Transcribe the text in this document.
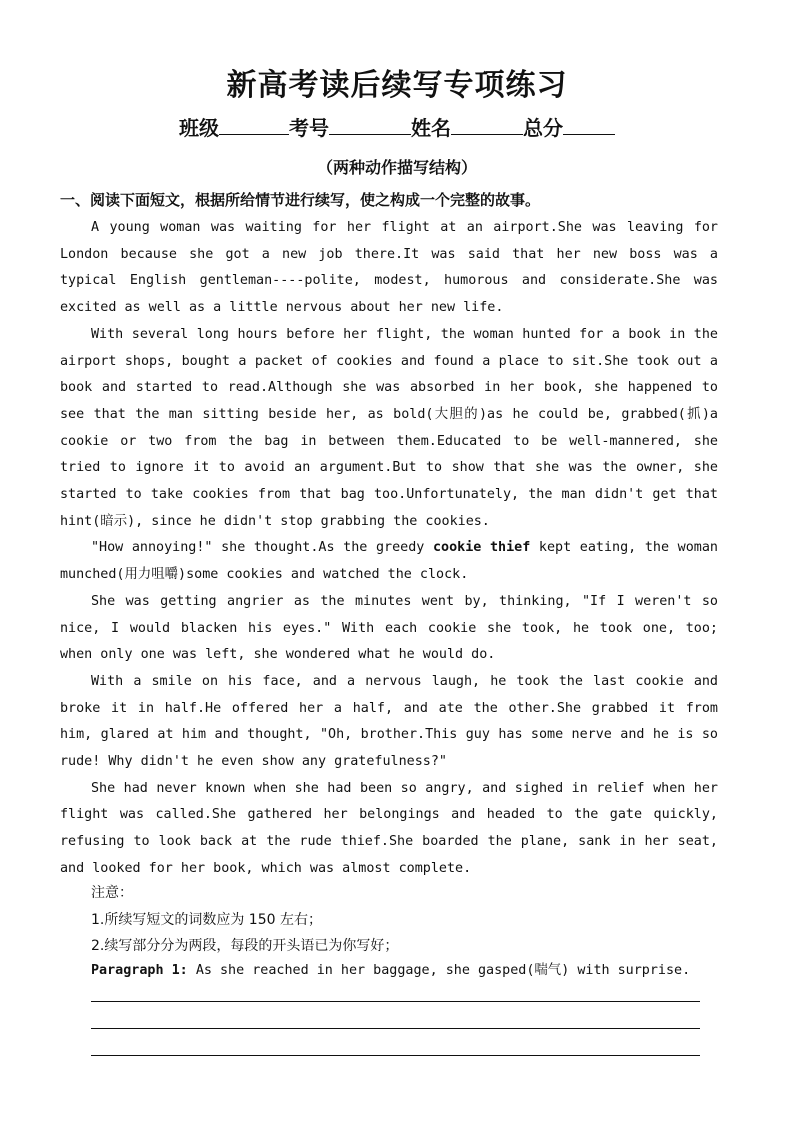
新高考读后续写专项练习
班级	考号	姓名	总分
（两种动作描写结构）
一、阅读下面短文，根据所给情节进行续写，使之构成一个完整的故事。

A young woman was waiting for her flight at an airport.She was leaving for London because she got a new job there.It was said that her new boss was a typical English gentleman----polite, modest, humorous and considerate.She was excited as well as a little nervous about her new life.

With several long hours before her flight, the woman hunted for a book in the airport shops, bought a packet of cookies and found a place to sit.She took out a book and started to read.Although she was absorbed in her book, she happened to see that the man sitting beside her, as bold(大胆的)as he could be, grabbed(抓)a cookie or two from the bag in between them.Educated to be well-mannered, she tried to ignore it to avoid an argument.But to show that she was the owner, she started to take cookies from that bag too.Unfortunately, the man didn't get that hint(暗示), since he didn't stop grabbing the cookies.

"How annoying!" she thought.As the greedy cookie thief kept eating, the woman munched(用力咀嚼)some cookies and watched the clock.

She was getting angrier as the minutes went by, thinking, "If I weren't so nice, I would blacken his eyes." With each cookie she took, he took one, too; when only one was left, she wondered what he would do.

With a smile on his face, and a nervous laugh, he took the last cookie and broke it in half.He offered her a half, and ate the other.She grabbed it from him, glared at him and thought, "Oh, brother.This guy has some nerve and he is so rude! Why didn't he even show any gratefulness?"

She had never known when she had been so angry, and sighed in relief when her flight was called.She gathered her belongings and headed to the gate quickly, refusing to look back at the rude thief.She boarded the plane, sank in her seat, and looked for her book, which was almost complete.

注意：
1.所续写短文的词数应为 150 左右；
2.续写部分分为两段，每段的开头语已为你写好；
Paragraph 1: As she reached in her baggage, she gasped(喘气) with surprise.
